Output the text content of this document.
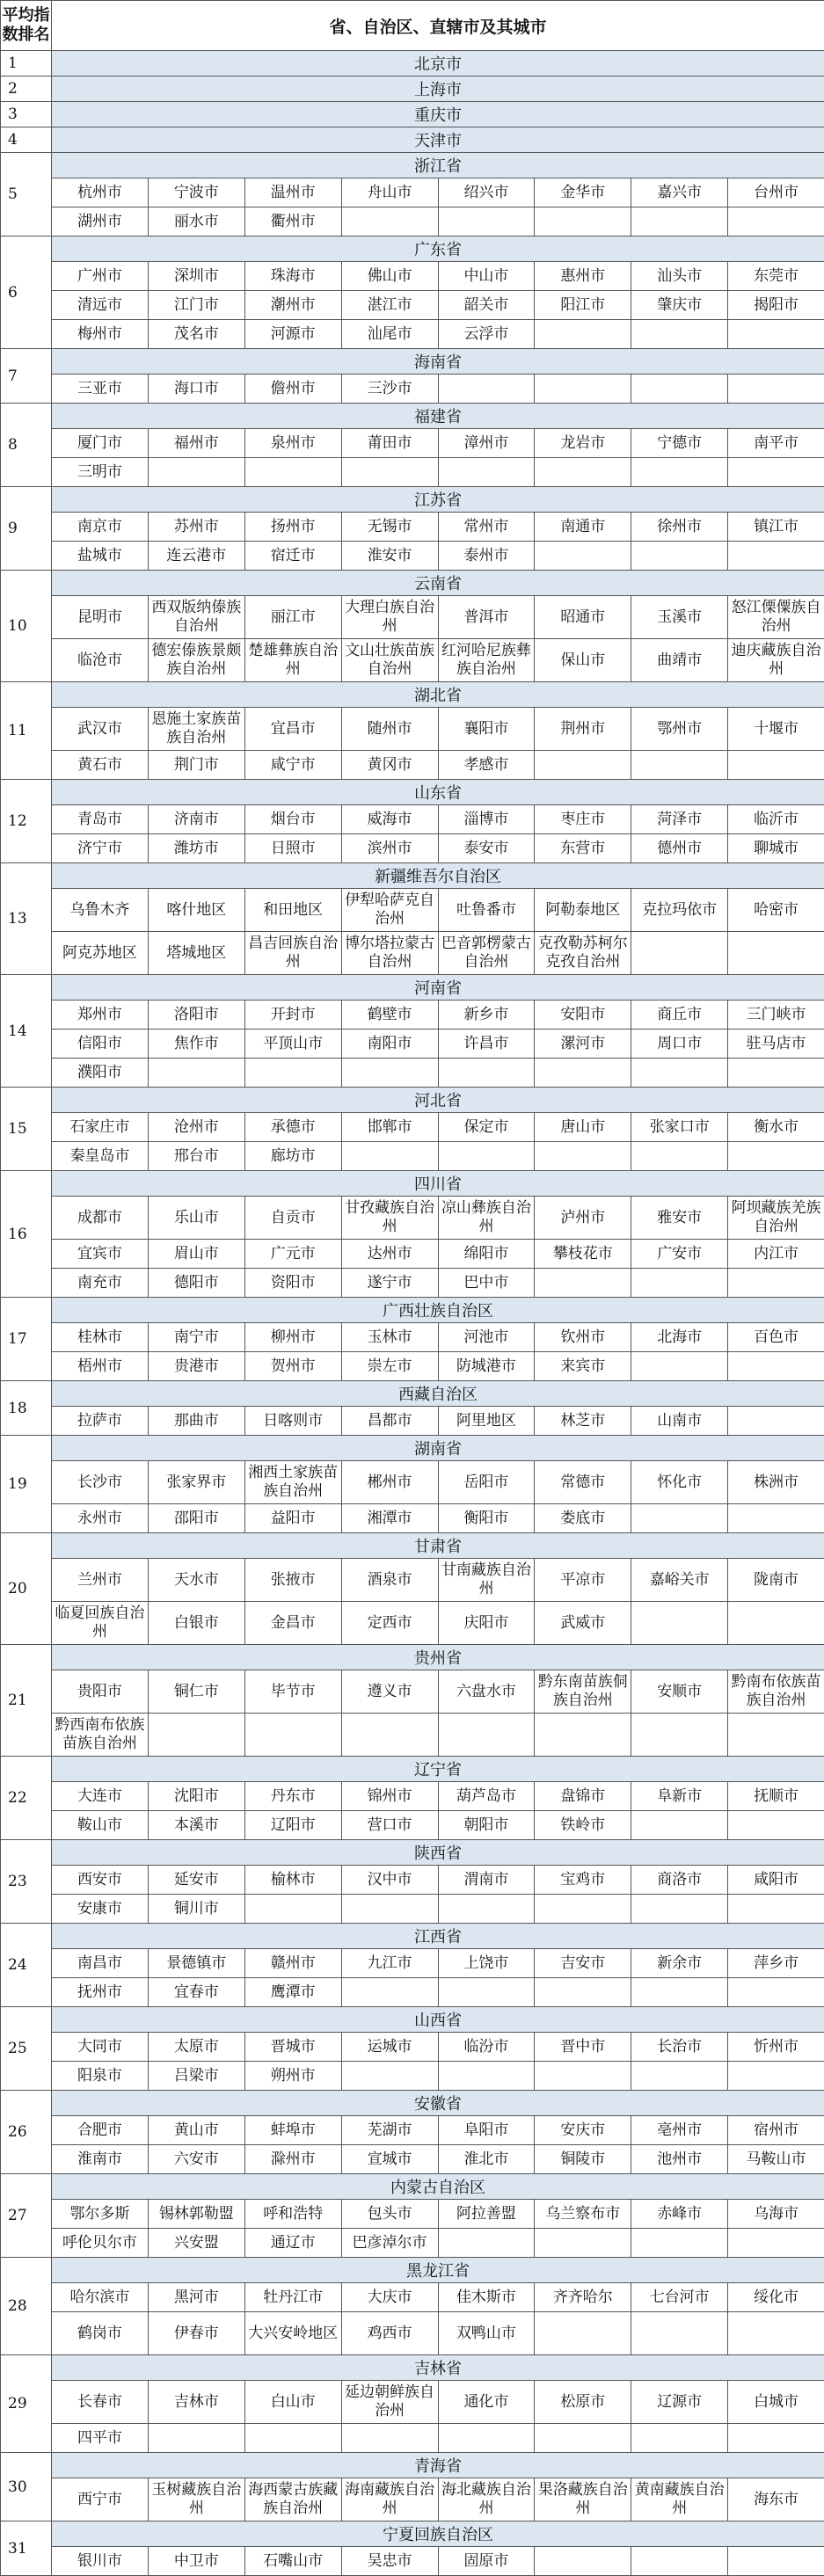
平均指数排名	省、自治区、直辖市及其城市							
1	北京市							
2	上海市							
3	重庆市							
4	天津市							
5	浙江省							
	杭州市	宁波市	温州市	舟山市	绍兴市	金华市	嘉兴市	台州市
	湖州市	丽水市	衢州市					
6	广东省							
	广州市	深圳市	珠海市	佛山市	中山市	惠州市	汕头市	东莞市
	清远市	江门市	潮州市	湛江市	韶关市	阳江市	肇庆市	揭阳市
	梅州市	茂名市	河源市	汕尾市	云浮市			
7	海南省							
	三亚市	海口市	儋州市	三沙市				
8	福建省							
	厦门市	福州市	泉州市	莆田市	漳州市	龙岩市	宁德市	南平市
	三明市							
9	江苏省							
	南京市	苏州市	扬州市	无锡市	常州市	南通市	徐州市	镇江市
	盐城市	连云港市	宿迁市	淮安市	泰州市			
10	云南省							
	昆明市	西双版纳傣族自治州	丽江市	大理白族自治州	普洱市	昭通市	玉溪市	怒江傈僳族自治州
	临沧市	德宏傣族景颇族自治州	楚雄彝族自治州	文山壮族苗族自治州	红河哈尼族彝族自治州	保山市	曲靖市	迪庆藏族自治州
11	湖北省							
	武汉市	恩施土家族苗族自治州	宜昌市	随州市	襄阳市	荆州市	鄂州市	十堰市
	黄石市	荆门市	咸宁市	黄冈市	孝感市			
12	山东省							
	青岛市	济南市	烟台市	威海市	淄博市	枣庄市	菏泽市	临沂市
	济宁市	潍坊市	日照市	滨州市	泰安市	东营市	德州市	聊城市
13	新疆维吾尔自治区							
	乌鲁木齐	喀什地区	和田地区	伊犁哈萨克自治州	吐鲁番市	阿勒泰地区	克拉玛依市	哈密市
	阿克苏地区	塔城地区	昌吉回族自治州	博尔塔拉蒙古自治州	巴音郭楞蒙古自治州	克孜勒苏柯尔克孜自治州		
14	河南省							
	郑州市	洛阳市	开封市	鹤壁市	新乡市	安阳市	商丘市	三门峡市
	信阳市	焦作市	平顶山市	南阳市	许昌市	漯河市	周口市	驻马店市
	濮阳市							
15	河北省							
	石家庄市	沧州市	承德市	邯郸市	保定市	唐山市	张家口市	衡水市
	秦皇岛市	邢台市	廊坊市					
16	四川省							
	成都市	乐山市	自贡市	甘孜藏族自治州	凉山彝族自治州	泸州市	雅安市	阿坝藏族羌族自治州
	宜宾市	眉山市	广元市	达州市	绵阳市	攀枝花市	广安市	内江市
	南充市	德阳市	资阳市	遂宁市	巴中市			
17	广西壮族自治区							
	桂林市	南宁市	柳州市	玉林市	河池市	钦州市	北海市	百色市
	梧州市	贵港市	贺州市	崇左市	防城港市	来宾市		
18	西藏自治区							
	拉萨市	那曲市	日喀则市	昌都市	阿里地区	林芝市	山南市	
19	湖南省							
	长沙市	张家界市	湘西土家族苗族自治州	郴州市	岳阳市	常德市	怀化市	株洲市
	永州市	邵阳市	益阳市	湘潭市	衡阳市	娄底市		
20	甘肃省							
	兰州市	天水市	张掖市	酒泉市	甘南藏族自治州	平凉市	嘉峪关市	陇南市
	临夏回族自治州	白银市	金昌市	定西市	庆阳市	武威市		
21	贵州省							
	贵阳市	铜仁市	毕节市	遵义市	六盘水市	黔东南苗族侗族自治州	安顺市	黔南布依族苗族自治州
	黔西南布依族苗族自治州							
22	辽宁省							
	大连市	沈阳市	丹东市	锦州市	葫芦岛市	盘锦市	阜新市	抚顺市
	鞍山市	本溪市	辽阳市	营口市	朝阳市	铁岭市		
23	陕西省							
	西安市	延安市	榆林市	汉中市	渭南市	宝鸡市	商洛市	咸阳市
	安康市	铜川市						
24	江西省							
	南昌市	景德镇市	赣州市	九江市	上饶市	吉安市	新余市	萍乡市
	抚州市	宜春市	鹰潭市					
25	山西省							
	大同市	太原市	晋城市	运城市	临汾市	晋中市	长治市	忻州市
	阳泉市	吕梁市	朔州市					
26	安徽省							
	合肥市	黄山市	蚌埠市	芜湖市	阜阳市	安庆市	亳州市	宿州市
	淮南市	六安市	滁州市	宣城市	淮北市	铜陵市	池州市	马鞍山市
27	内蒙古自治区							
	鄂尔多斯	锡林郭勒盟	呼和浩特	包头市	阿拉善盟	乌兰察布市	赤峰市	乌海市
	呼伦贝尔市	兴安盟	通辽市	巴彦淖尔市				
28	黑龙江省							
	哈尔滨市	黑河市	牡丹江市	大庆市	佳木斯市	齐齐哈尔	七台河市	绥化市
	鹤岗市	伊春市	大兴安岭地区	鸡西市	双鸭山市			
29	吉林省							
	长春市	吉林市	白山市	延边朝鲜族自治州	通化市	松原市	辽源市	白城市
	四平市							
30	青海省							
	西宁市	玉树藏族自治州	海西蒙古族藏族自治州	海南藏族自治州	海北藏族自治州	果洛藏族自治州	黄南藏族自治州	海东市
31	宁夏回族自治区							
	银川市	中卫市	石嘴山市	吴忠市	固原市			
